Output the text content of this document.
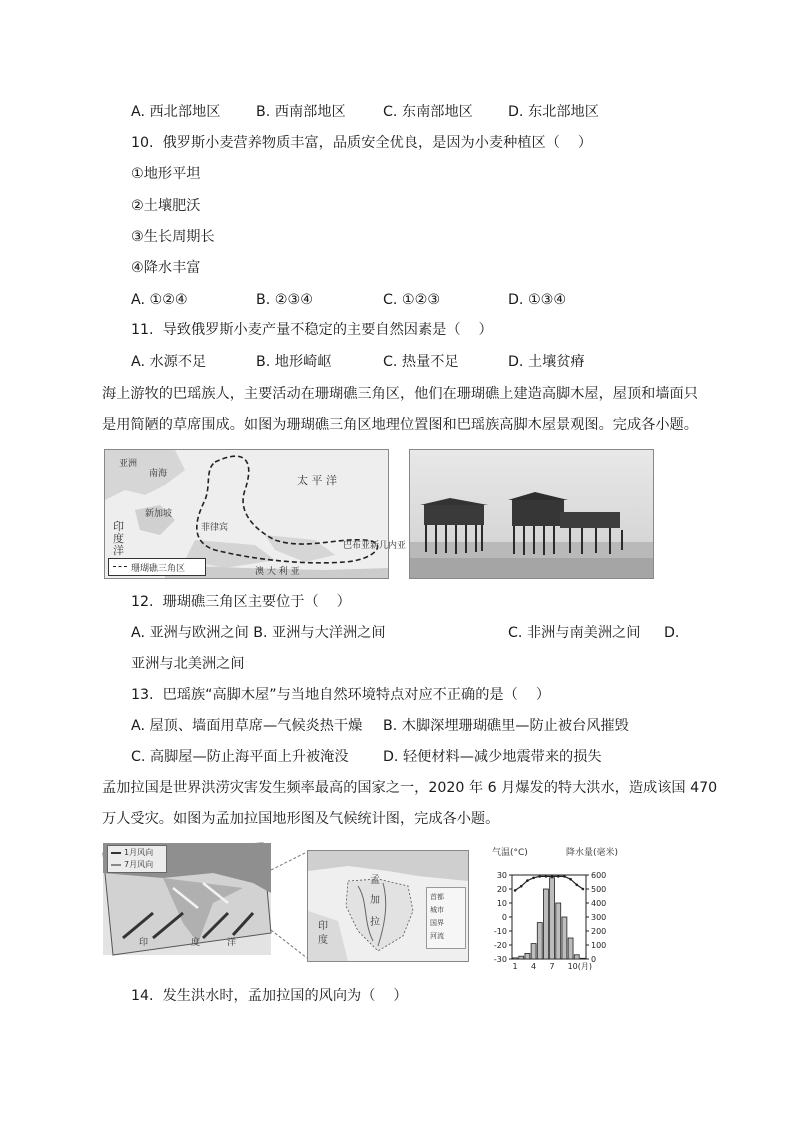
A. 西北部地区	B. 西南部地区	C. 东南部地区 D. 东北部地区
10.  俄罗斯小麦营养物质丰富，品质安全优良，是因为小麦种植区（    ）
①地形平坦
②土壤肥沃
③生长周期长
④降水丰富
A. ①②④	B. ②③④	C. ①②③	D. ①③④
11.  导致俄罗斯小麦产量不稳定的主要自然因素是（    ）
A. 水源不足	B. 地形崎岖	C. 热量不足	D. 土壤贫瘠
海上游牧的巴瑶族人，主要活动在珊瑚礁三角区，他们在珊瑚礁上建造高脚木屋，屋顶和墙面只
是用简陋的草席围成。如图为珊瑚礁三角区地理位置图和巴瑶族高脚木屋景观图。完成各小题。
亚洲
南海
新加坡
菲律宾
巴布亚新几内亚
太 平 洋
印
度
洋
澳 大 利 亚
珊瑚礁三角区
12.  珊瑚礁三角区主要位于（    ）
A. 亚洲与欧洲之间 B. 亚洲与大洋洲之间	C. 非洲与南美洲之间 D.
亚洲与北美洲之间
13.  巴瑶族“高脚木屋”与当地自然环境特点对应不正确的是（    ）
A. 屋顶、墙面用草席—气候炎热干燥 B. 木脚深埋珊瑚礁里—防止被台风摧毁
C. 高脚屋—防止海平面上升被淹没 D. 轻便材料—减少地震带来的损失
孟加拉国是世界洪涝灾害发生频率最高的国家之一，2020 年 6 月爆发的特大洪水，造成该国 470
万人受灾。如图为孟加拉国地形图及气候统计图，完成各小题。
1月风向
7月风向
印	度	洋
孟
加
拉
印
度
首都
城市
国界
河流
气温(°C)	降水量(毫米)
30
20
10
0
-10
-20
-30
600
500
400
300
200
100
0
1 4 7 10(月)
14.  发生洪水时，孟加拉国的风向为（    ）
